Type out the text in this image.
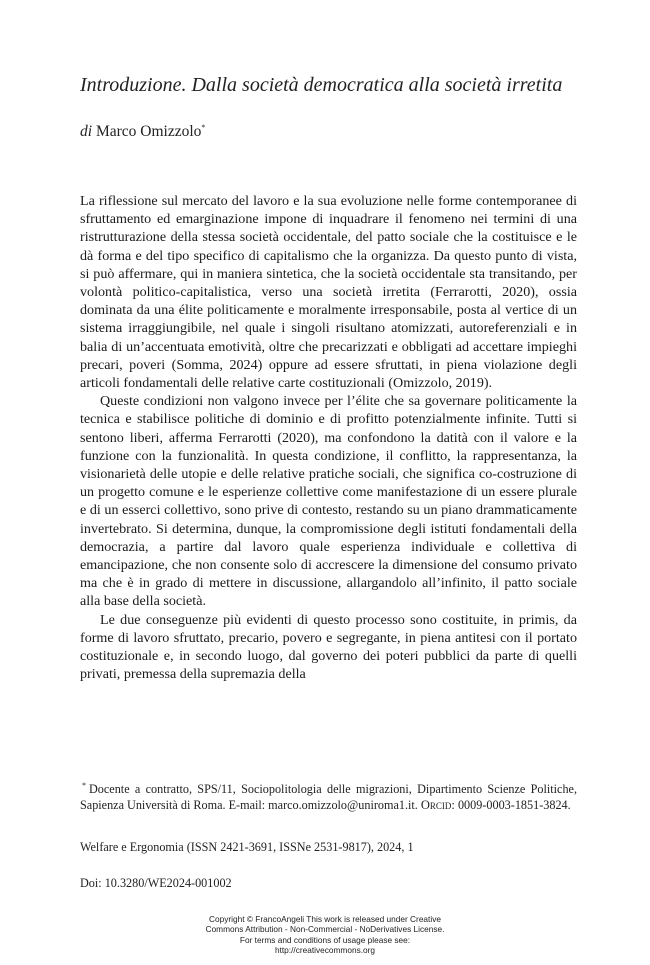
Introduzione. Dalla società democratica alla società irretita
di Marco Omizzolo*

La riflessione sul mercato del lavoro e la sua evoluzione nelle forme contemporanee di sfruttamento ed emarginazione impone di inquadrare il fenomeno nei termini di una ristrutturazione della stessa società occidentale, del patto sociale che la costituisce e le dà forma e del tipo specifico di capitalismo che la organizza. Da questo punto di vista, si può affermare, qui in maniera sintetica, che la società occidentale sta transitando, per volontà politico-capitalistica, verso una società irretita (Ferrarotti, 2020), ossia dominata da una élite politicamente e moralmente irresponsabile, posta al vertice di un sistema irraggiungibile, nel quale i singoli risultano atomizzati, autoreferenziali e in balia di un’accentuata emotività, oltre che precarizzati e obbligati ad accettare impieghi precari, poveri (Somma, 2024) oppure ad essere sfruttati, in piena violazione degli articoli fondamentali delle relative carte costituzionali (Omizzolo, 2019).

Queste condizioni non valgono invece per l’élite che sa governare politicamente la tecnica e stabilisce politiche di dominio e di profitto potenzialmente infinite. Tutti si sentono liberi, afferma Ferrarotti (2020), ma confondono la datità con il valore e la funzione con la funzionalità. In questa condizione, il conflitto, la rappresentanza, la visionarietà delle utopie e delle relative pratiche sociali, che significa co-costruzione di un progetto comune e le esperienze collettive come manifestazione di un essere plurale e di un esserci collettivo, sono prive di contesto, restando su un piano drammaticamente invertebrato. Si determina, dunque, la compromissione degli istituti fondamentali della democrazia, a partire dal lavoro quale esperienza individuale e collettiva di emancipazione, che non consente solo di accrescere la dimensione del consumo privato ma che è in grado di mettere in discussione, allargandolo all’infinito, il patto sociale alla base della società.

Le due conseguenze più evidenti di questo processo sono costituite, in primis, da forme di lavoro sfruttato, precario, povero e segregante, in piena antitesi con il portato costituzionale e, in secondo luogo, dal governo dei poteri pubblici da parte di quelli privati, premessa della supremazia della

* Docente a contratto, SPS/11, Sociopolitologia delle migrazioni, Dipartimento Scienze Politiche, Sapienza Università di Roma. E-mail: marco.omizzolo@uniroma1.it. Orcid: 0009-0003-1851-3824.
Welfare e Ergonomia (ISSN 2421-3691, ISSNe 2531-9817), 2024, 1
Doi: 10.3280/WE2024-001002
Copyright © FrancoAngeli This work is released under Creative
Commons Attribution - Non-Commercial - NoDerivatives License.
For terms and conditions of usage please see:
http://creativecommons.org
